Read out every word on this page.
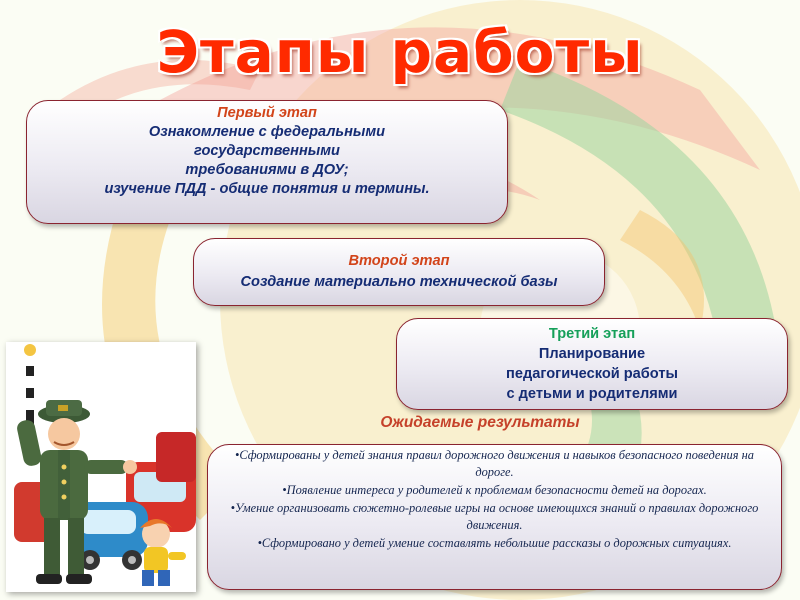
Этапы работы
Первый этап
Ознакомление с федеральными
государственными
требованиями в ДОУ;
изучение ПДД - общие понятия и термины.
Второй этап
Создание материально технической базы
Третий этап
Планирование
педагогической работы
с детьми и родителями
Ожидаемые результаты
•Сформированы у детей знания правил дорожного движения и навыков безопасного поведения на дороге.
•Появление интереса у родителей к проблемам безопасности детей на дорогах.
•Умение организовать сюжетно-ролевые игры на основе имеющихся знаний о правилах дорожного движения.
•Сформировано у детей умение составлять небольшие рассказы о дорожных ситуациях.
